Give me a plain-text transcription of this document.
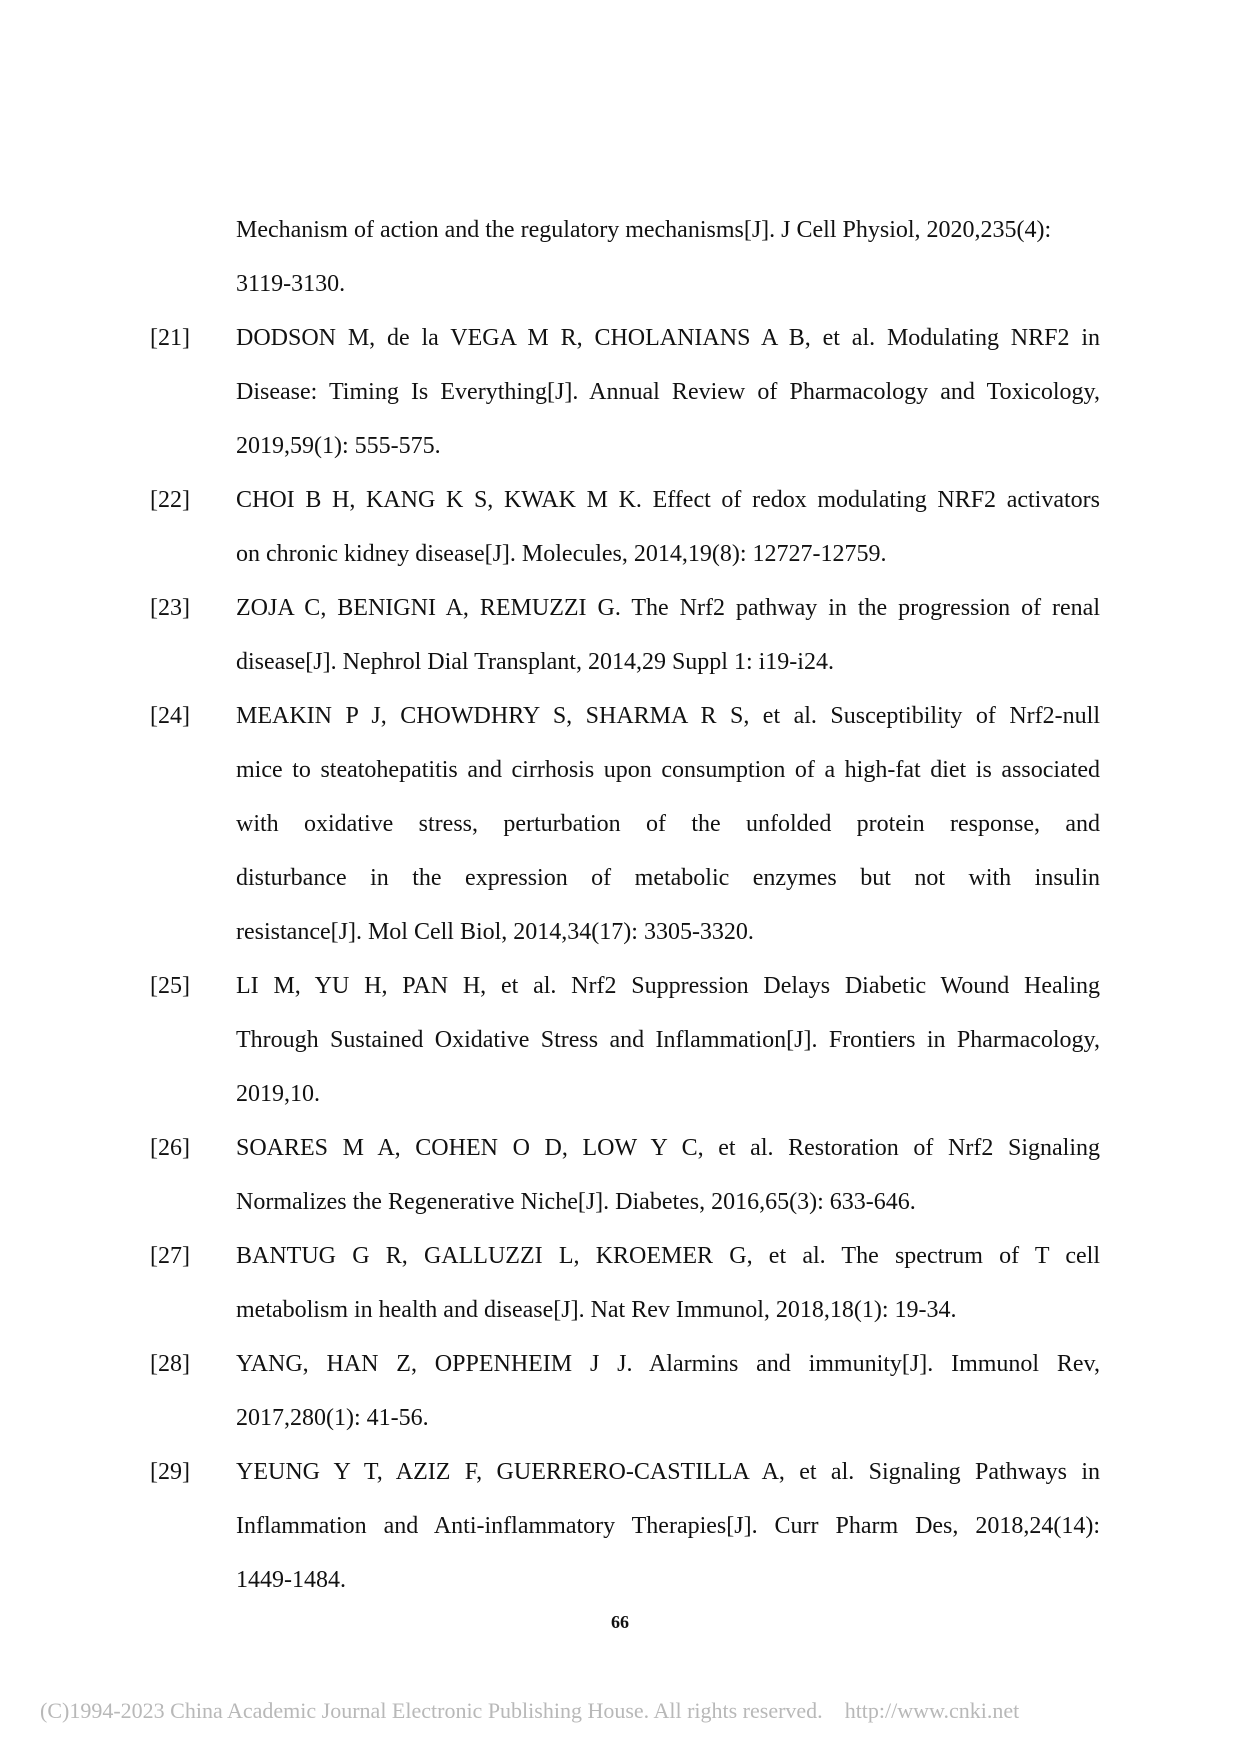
Mechanism of action and the regulatory mechanisms[J]. J Cell Physiol, 2020,235(4):
3119-3130.
[21]	DODSON M, de la VEGA M R, CHOLANIANS A B, et al. Modulating NRF2 in
Disease: Timing Is Everything[J]. Annual Review of Pharmacology and Toxicology,
2019,59(1): 555-575.
[22]	CHOI B H, KANG K S, KWAK M K. Effect of redox modulating NRF2 activators
on chronic kidney disease[J]. Molecules, 2014,19(8): 12727-12759.
[23]	ZOJA C, BENIGNI A, REMUZZI G. The Nrf2 pathway in the progression of renal
disease[J]. Nephrol Dial Transplant, 2014,29 Suppl 1: i19-i24.
[24]	MEAKIN P J, CHOWDHRY S, SHARMA R S, et al. Susceptibility of Nrf2-null
mice to steatohepatitis and cirrhosis upon consumption of a high-fat diet is associated
with oxidative stress, perturbation of the unfolded protein response, and
disturbance in the expression of metabolic enzymes but not with insulin
resistance[J]. Mol Cell Biol, 2014,34(17): 3305-3320.
[25]	LI M, YU H, PAN H, et al. Nrf2 Suppression Delays Diabetic Wound Healing
Through Sustained Oxidative Stress and Inflammation[J]. Frontiers in Pharmacology,
2019,10.
[26]	SOARES M A, COHEN O D, LOW Y C, et al. Restoration of Nrf2 Signaling
Normalizes the Regenerative Niche[J]. Diabetes, 2016,65(3): 633-646.
[27]	BANTUG G R, GALLUZZI L, KROEMER G, et al. The spectrum of T cell
metabolism in health and disease[J]. Nat Rev Immunol, 2018,18(1): 19-34.
[28]	YANG, HAN Z, OPPENHEIM J J. Alarmins and immunity[J]. Immunol Rev,
2017,280(1): 41-56.
[29]	YEUNG Y T, AZIZ F, GUERRERO-CASTILLA A, et al. Signaling Pathways in
Inflammation and Anti-inflammatory Therapies[J]. Curr Pharm Des, 2018,24(14):
1449-1484.
66
(C)1994-2023 China Academic Journal Electronic Publishing House. All rights reserved. http://www.cnki.net
